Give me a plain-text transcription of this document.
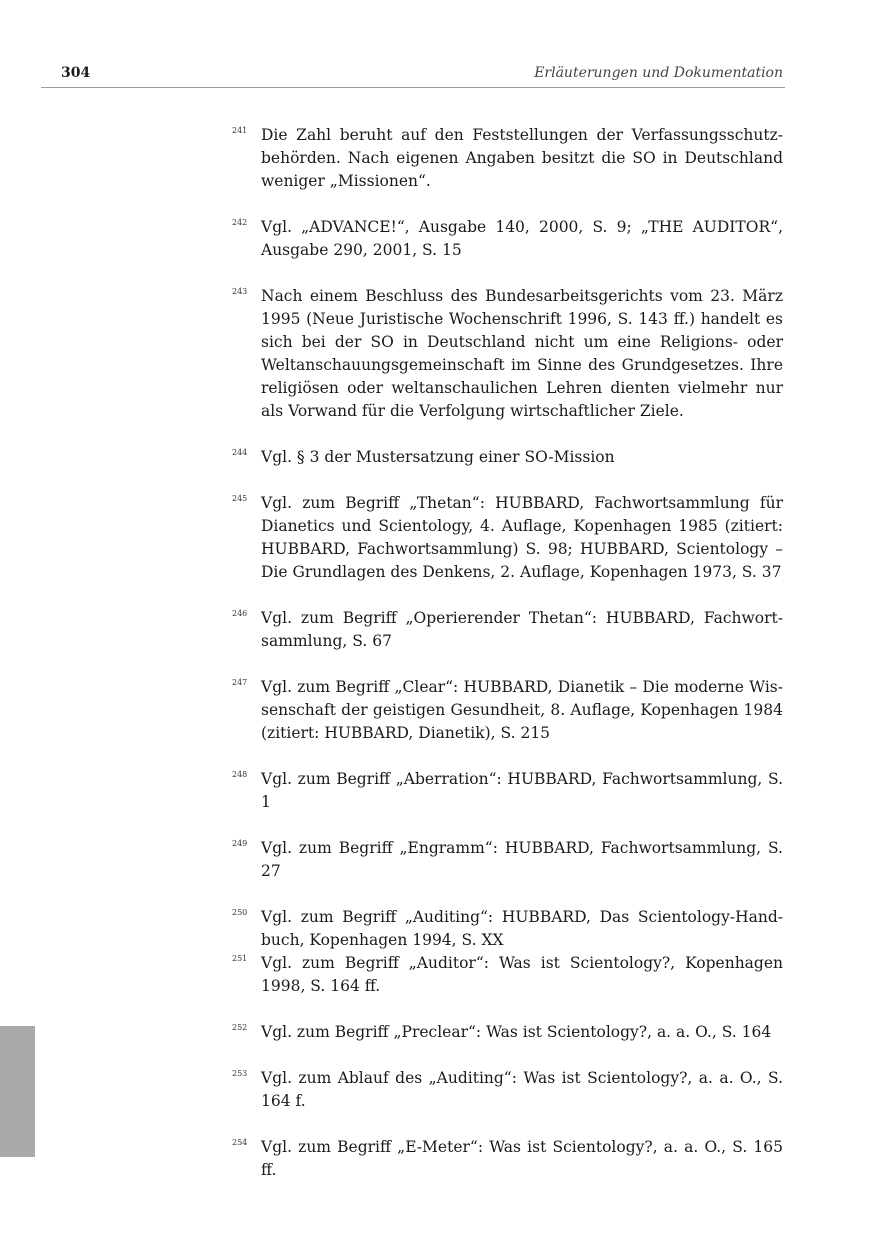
304	Erläuterungen und Dokumentation
241 Die Zahl beruht auf den Feststellungen der Verfassungsschutzbehörden. Nach eigenen Angaben besitzt die SO in Deutschland weniger „Missionen“.
242 Vgl. „ADVANCE!“, Ausgabe 140, 2000, S. 9; „THE AUDITOR“, Ausgabe 290, 2001, S. 15
243 Nach einem Beschluss des Bundesarbeitsgerichts vom 23. März 1995 (Neue Juristische Wochenschrift 1996, S. 143 ff.) handelt es sich bei der SO in Deutschland nicht um eine Religions- oder Weltanschauungsgemeinschaft im Sinne des Grundgesetzes. Ihre religiösen oder weltanschaulichen Lehren dienten vielmehr nur als Vorwand für die Verfolgung wirtschaftlicher Ziele.
244 Vgl. § 3 der Mustersatzung einer SO-Mission
245 Vgl. zum Begriff „Thetan“: HUBBARD, Fachwortsammlung für Dianetics und Scientology, 4. Auflage, Kopenhagen 1985 (zitiert: HUBBARD, Fachwortsammlung) S. 98; HUBBARD, Scientology – Die Grundlagen des Denkens, 2. Auflage, Kopenhagen 1973, S. 37
246 Vgl. zum Begriff „Operierender Thetan“: HUBBARD, Fachwortsammlung, S. 67
247 Vgl. zum Begriff „Clear“: HUBBARD, Dianetik – Die moderne Wissenschaft der geistigen Gesundheit, 8. Auflage, Kopenhagen 1984 (zitiert: HUBBARD, Dianetik), S. 215
248 Vgl. zum Begriff „Aberration“: HUBBARD, Fachwortsammlung, S. 1
249 Vgl. zum Begriff „Engramm“: HUBBARD, Fachwortsammlung, S. 27
250 Vgl. zum Begriff „Auditing“: HUBBARD, Das Scientology-Handbuch, Kopenhagen 1994, S. XX
251 Vgl. zum Begriff „Auditor“: Was ist Scientology?, Kopenhagen 1998, S. 164 ff.
252 Vgl. zum Begriff „Preclear“: Was ist Scientology?, a. a. O., S. 164
253 Vgl. zum Ablauf des „Auditing“: Was ist Scientology?, a. a. O., S. 164 f.
254 Vgl. zum Begriff „E-Meter“: Was ist Scientology?, a. a. O., S. 165 ff.
